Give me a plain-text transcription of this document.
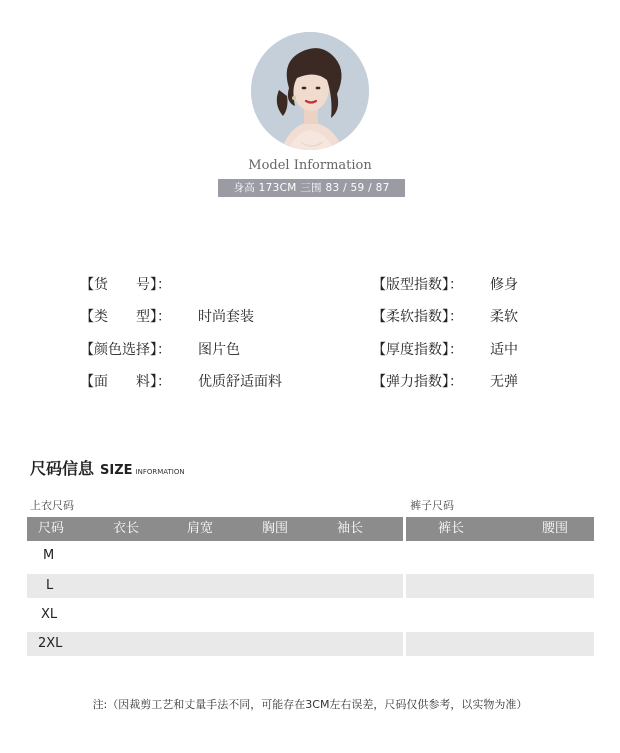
Model Information
身高 173CM 三围 83 / 59 / 87
【货　　号】：
【类　　型】： 时尚套装
【颜色选择】： 图片色
【面　　料】： 优质舒适面料
【版型指数】： 修身
【柔软指数】： 柔软
【厚度指数】： 适中
【弹力指数】： 无弹
尺码信息 SIZE INFORMATION
上衣尺码	裤子尺码
尺码	衣长	肩宽	胸围	袖长	裤长	腰围
M
L
XL
2XL
注:（因裁剪工艺和丈量手法不同，可能存在3CM左右误差，尺码仅供参考，以实物为准）
